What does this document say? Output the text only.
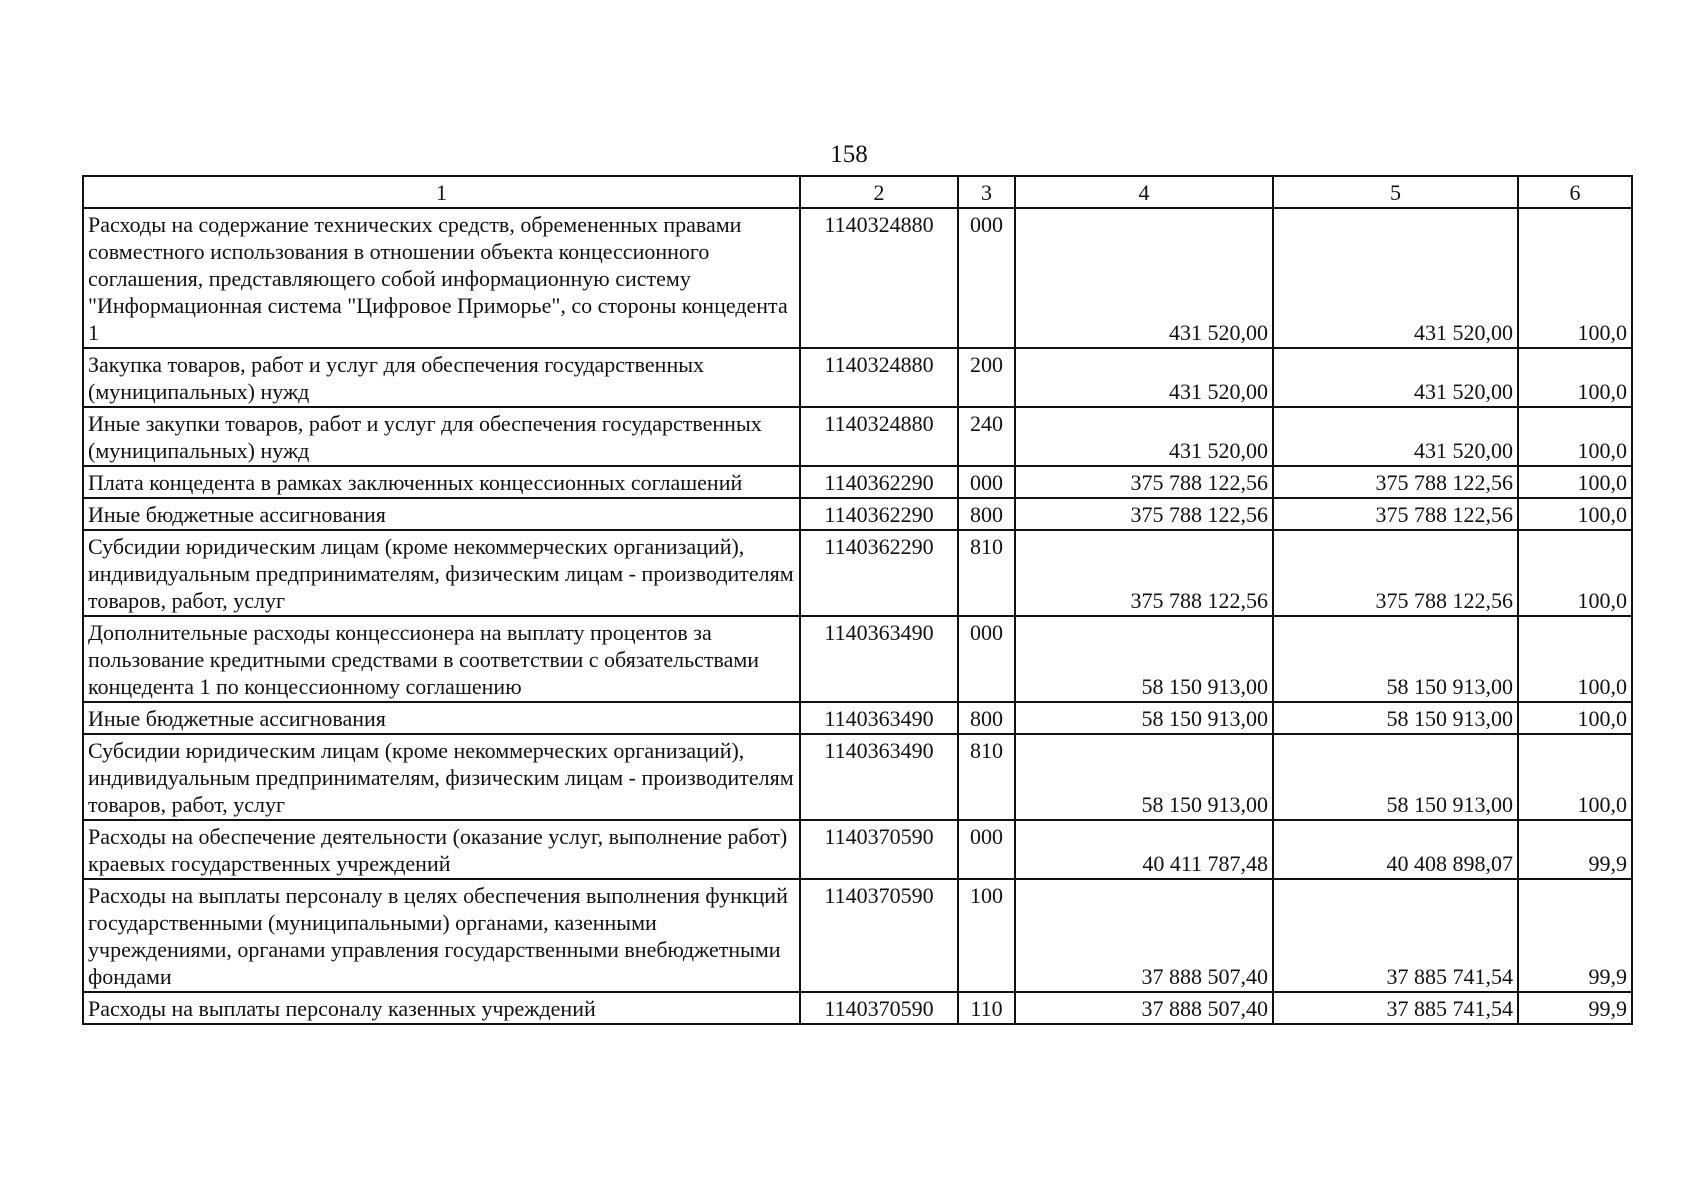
158
1	2	3	4	5	6
Расходы на содержание технических средств, обремененных правами совместного использования в отношении объекта концессионного соглашения, представляющего собой информационную систему "Информационная система "Цифровое Приморье", со стороны концедента 1	1140324880	000	431 520,00	431 520,00	100,0
Закупка товаров, работ и услуг для обеспечения государственных (муниципальных) нужд	1140324880	200	431 520,00	431 520,00	100,0
Иные закупки товаров, работ и услуг для обеспечения государственных (муниципальных) нужд	1140324880	240	431 520,00	431 520,00	100,0
Плата концедента в рамках заключенных концессионных соглашений	1140362290	000	375 788 122,56	375 788 122,56	100,0
Иные бюджетные ассигнования	1140362290	800	375 788 122,56	375 788 122,56	100,0
Субсидии юридическим лицам (кроме некоммерческих организаций), индивидуальным предпринимателям, физическим лицам - производителям товаров, работ, услуг	1140362290	810	375 788 122,56	375 788 122,56	100,0
Дополнительные расходы концессионера на выплату процентов за пользование кредитными средствами в соответствии с обязательствами концедента 1 по концессионному соглашению	1140363490	000	58 150 913,00	58 150 913,00	100,0
Иные бюджетные ассигнования	1140363490	800	58 150 913,00	58 150 913,00	100,0
Субсидии юридическим лицам (кроме некоммерческих организаций), индивидуальным предпринимателям, физическим лицам - производителям товаров, работ, услуг	1140363490	810	58 150 913,00	58 150 913,00	100,0
Расходы на обеспечение деятельности (оказание услуг, выполнение работ) краевых государственных учреждений	1140370590	000	40 411 787,48	40 408 898,07	99,9
Расходы на выплаты персоналу в целях обеспечения выполнения функций государственными (муниципальными) органами, казенными учреждениями, органами управления государственными внебюджетными фондами	1140370590	100	37 888 507,40	37 885 741,54	99,9
Расходы на выплаты персоналу казенных учреждений	1140370590	110	37 888 507,40	37 885 741,54	99,9
